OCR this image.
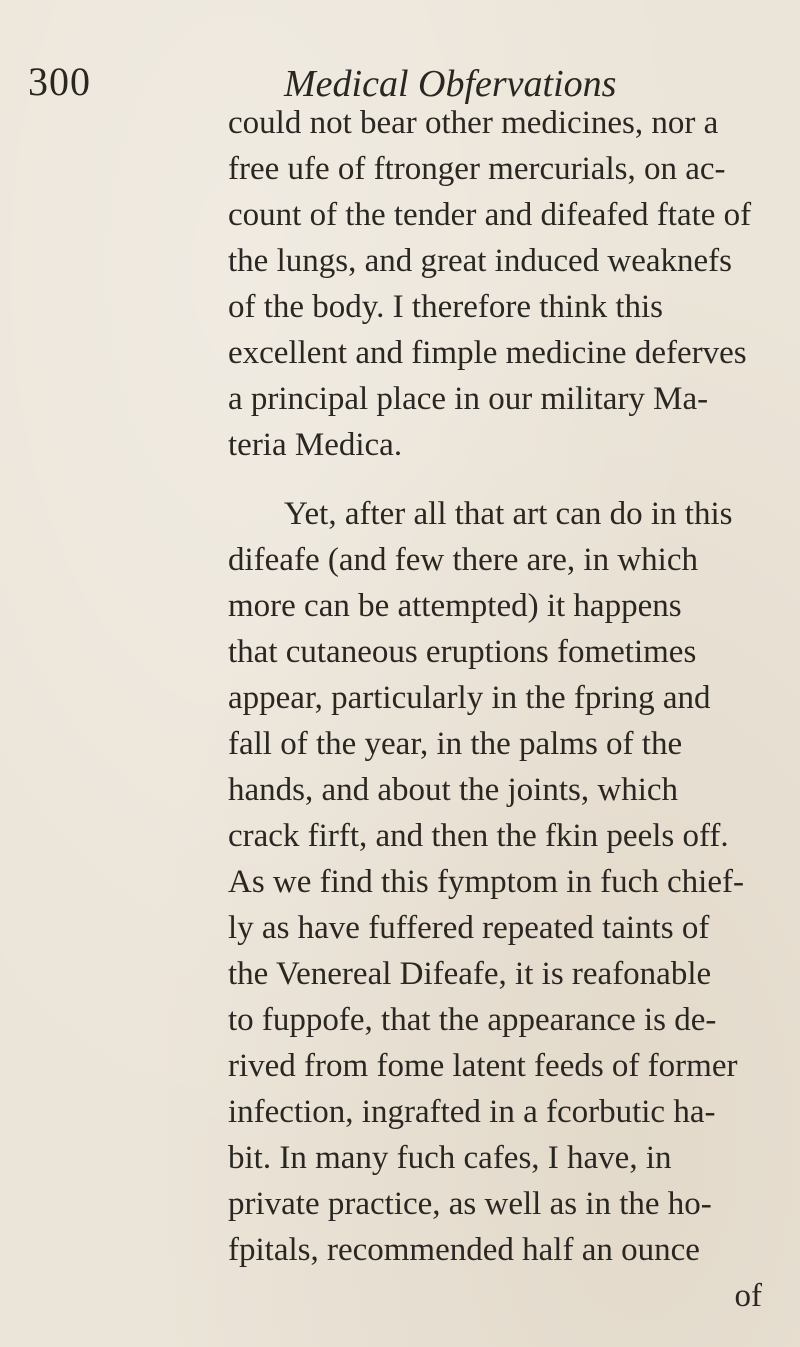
300	Medical Obfervations
could not bear other medicines, nor a
free ufe of ftronger mercurials, on ac-
count of the tender and difeafed ftate of
the lungs, and great induced weaknefs
of the body. I therefore think this
excellent and fimple medicine deferves
a principal place in our military Ma-
teria Medica.
Yet, after all that art can do in this
difeafe (and few there are, in which
more can be attempted) it happens
that cutaneous eruptions fometimes
appear, particularly in the fpring and
fall of the year, in the palms of the
hands, and about the joints, which
crack firft, and then the fkin peels off.
As we find this fymptom in fuch chief-
ly as have fuffered repeated taints of
the Venereal Difeafe, it is reafonable
to fuppofe, that the appearance is de-
rived from fome latent feeds of former
infection, ingrafted in a fcorbutic ha-
bit. In many fuch cafes, I have, in
private practice, as well as in the ho-
fpitals, recommended half an ounce
of
